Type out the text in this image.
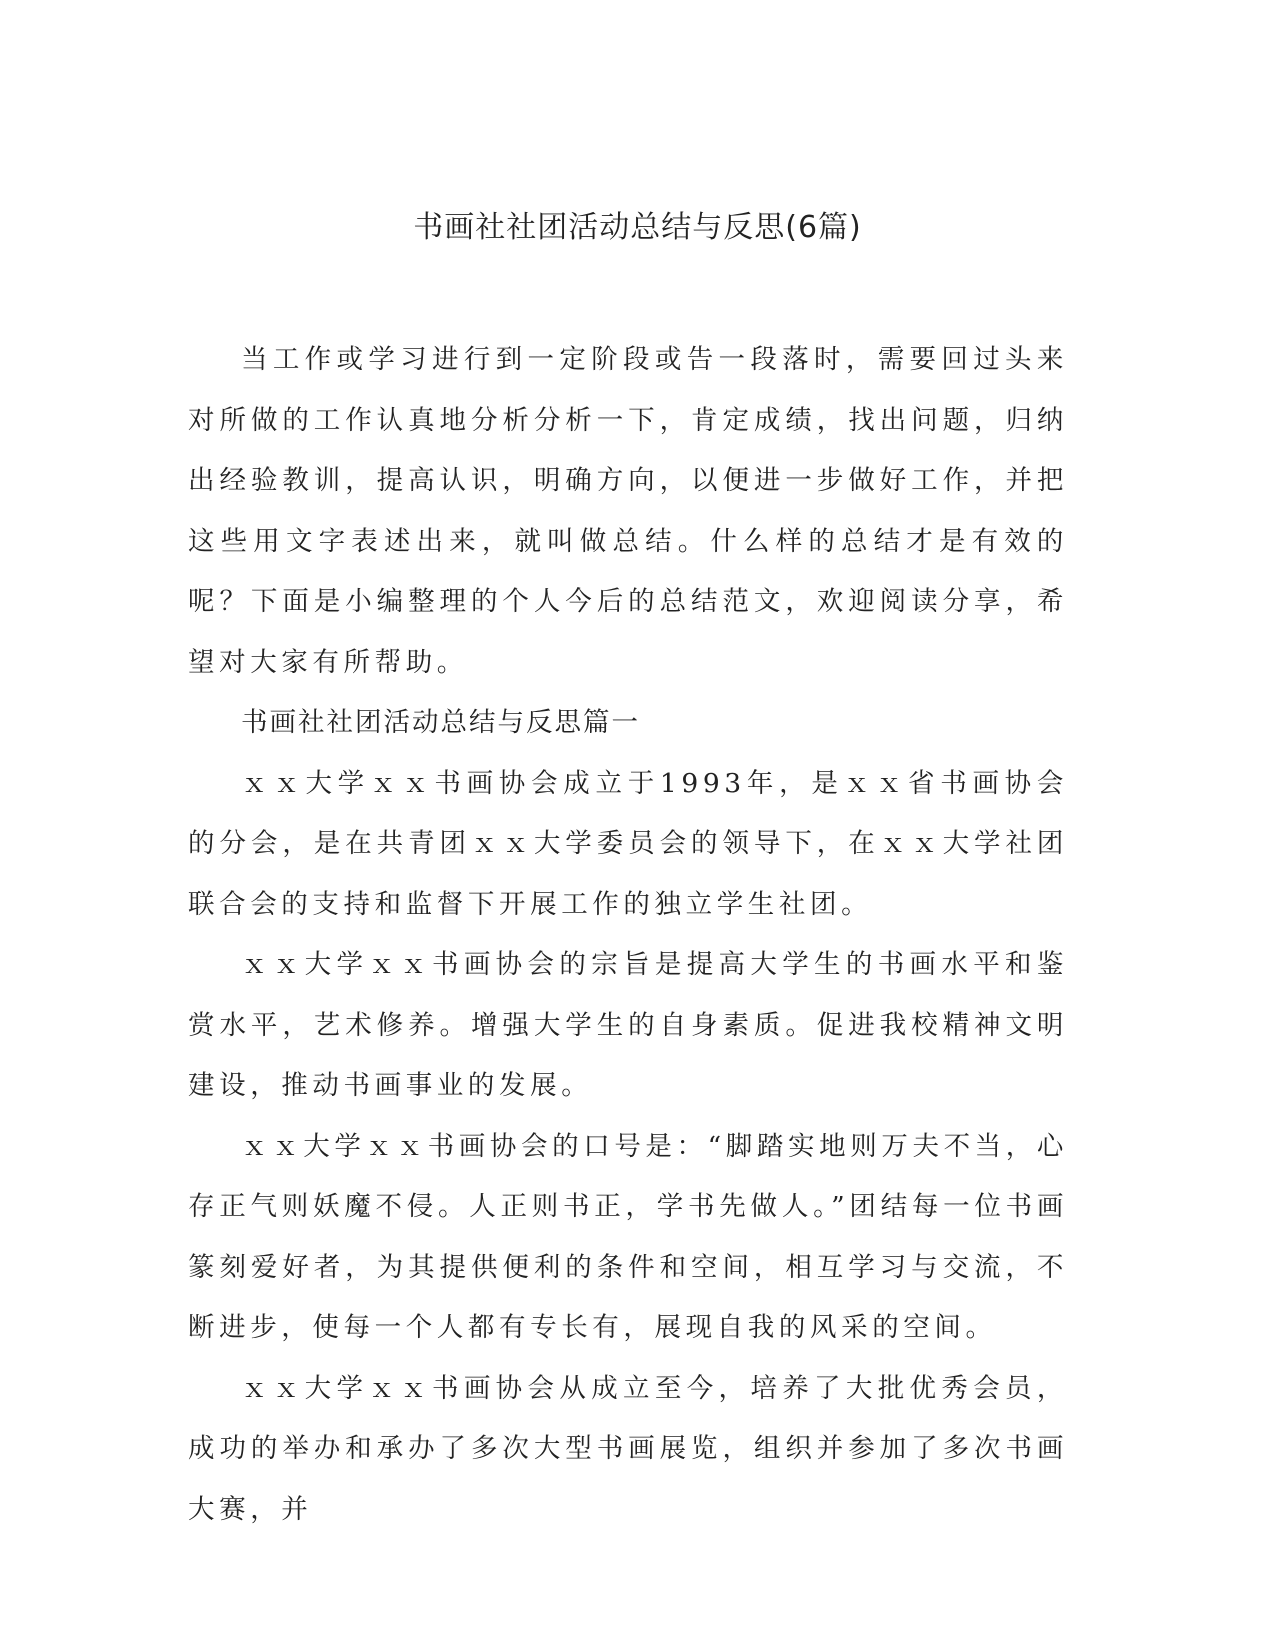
书画社社团活动总结与反思(6篇)

当工作或学习进行到一定阶段或告一段落时，需要回过头来对所做的工作认真地分析分析一下，肯定成绩，找出问题，归纳出经验教训，提高认识，明确方向，以便进一步做好工作，并把这些用文字表述出来，就叫做总结。什么样的总结才是有效的呢？下面是小编整理的个人今后的总结范文，欢迎阅读分享，希望对大家有所帮助。

书画社社团活动总结与反思篇一

ｘｘ大学ｘｘ书画协会成立于1993年，是ｘｘ省书画协会的分会，是在共青团ｘｘ大学委员会的领导下，在ｘｘ大学社团联合会的支持和监督下开展工作的独立学生社团。

ｘｘ大学ｘｘ书画协会的宗旨是提高大学生的书画水平和鉴赏水平，艺术修养。增强大学生的自身素质。促进我校精神文明建设，推动书画事业的发展。

ｘｘ大学ｘｘ书画协会的口号是：“脚踏实地则万夫不当，心存正气则妖魔不侵。人正则书正，学书先做人。”团结每一位书画篆刻爱好者，为其提供便利的条件和空间，相互学习与交流，不断进步，使每一个人都有专长有，展现自我的风采的空间。

ｘｘ大学ｘｘ书画协会从成立至今，培养了大批优秀会员，成功的举办和承办了多次大型书画展览，组织并参加了多次书画大赛，并
